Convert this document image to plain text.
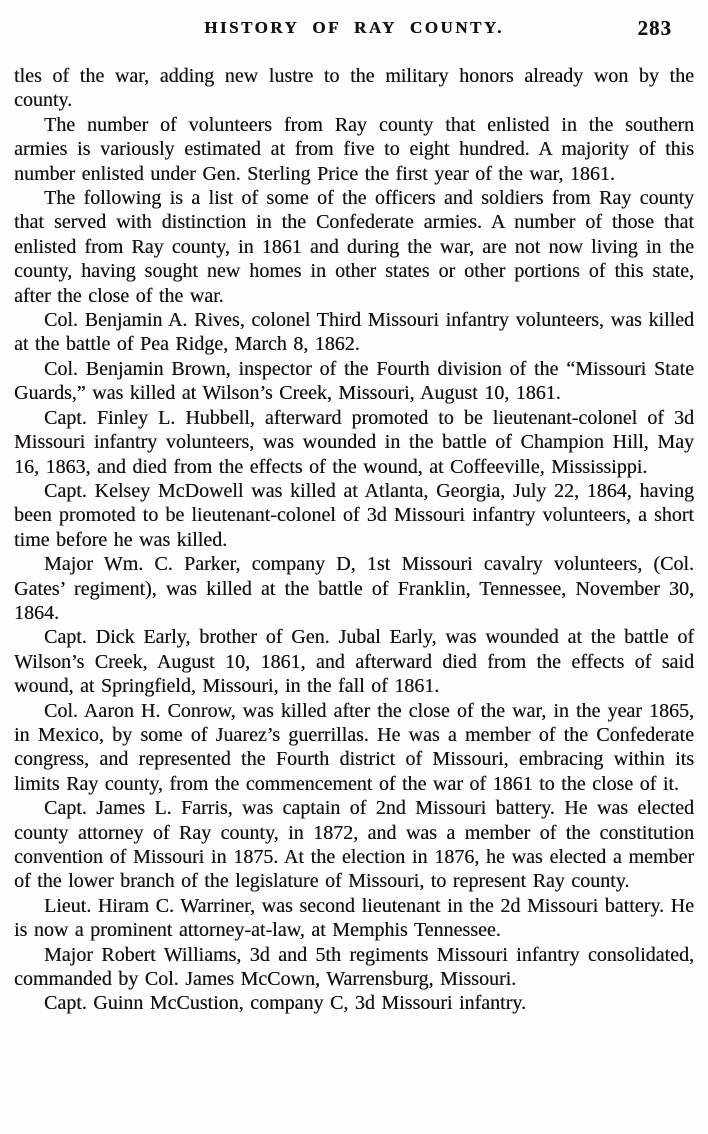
HISTORY OF RAY COUNTY.	283

tles of the war, adding new lustre to the military honors already won by the county.

The number of volunteers from Ray county that enlisted in the southern armies is variously estimated at from five to eight hundred. A majority of this number enlisted under Gen. Sterling Price the first year of the war, 1861.

The following is a list of some of the officers and soldiers from Ray county that served with distinction in the Confederate armies. A number of those that enlisted from Ray county, in 1861 and during the war, are not now living in the county, having sought new homes in other states or other portions of this state, after the close of the war.

Col. Benjamin A. Rives, colonel Third Missouri infantry volunteers, was killed at the battle of Pea Ridge, March 8, 1862.

Col. Benjamin Brown, inspector of the Fourth division of the “Missouri State Guards,” was killed at Wilson’s Creek, Missouri, August 10, 1861.

Capt. Finley L. Hubbell, afterward promoted to be lieutenant-colonel of 3d Missouri infantry volunteers, was wounded in the battle of Champion Hill, May 16, 1863, and died from the effects of the wound, at Coffeeville, Mississippi.

Capt. Kelsey McDowell was killed at Atlanta, Georgia, July 22, 1864, having been promoted to be lieutenant-colonel of 3d Missouri infantry volunteers, a short time before he was killed.

Major Wm. C. Parker, company D, 1st Missouri cavalry volunteers, (Col. Gates’ regiment), was killed at the battle of Franklin, Tennessee, November 30, 1864.

Capt. Dick Early, brother of Gen. Jubal Early, was wounded at the battle of Wilson’s Creek, August 10, 1861, and afterward died from the effects of said wound, at Springfield, Missouri, in the fall of 1861.

Col. Aaron H. Conrow, was killed after the close of the war, in the year 1865, in Mexico, by some of Juarez’s guerrillas. He was a member of the Confederate congress, and represented the Fourth district of Missouri, embracing within its limits Ray county, from the commencement of the war of 1861 to the close of it.

Capt. James L. Farris, was captain of 2nd Missouri battery. He was elected county attorney of Ray county, in 1872, and was a member of the constitution convention of Missouri in 1875. At the election in 1876, he was elected a member of the lower branch of the legislature of Missouri, to represent Ray county.

Lieut. Hiram C. Warriner, was second lieutenant in the 2d Missouri battery. He is now a prominent attorney-at-law, at Memphis Tennessee.

Major Robert Williams, 3d and 5th regiments Missouri infantry consolidated, commanded by Col. James McCown, Warrensburg, Missouri.

Capt. Guinn McCustion, company C, 3d Missouri infantry.
